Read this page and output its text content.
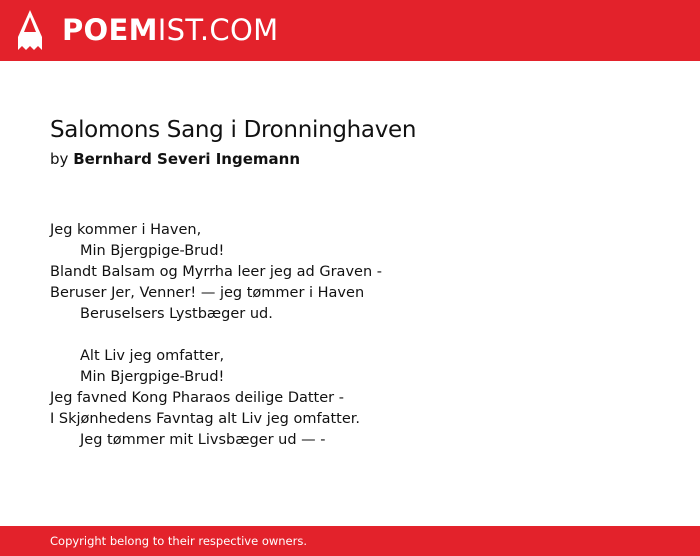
POEMIST.COM
Salomons Sang i Dronninghaven
by Bernhard Severi Ingemann
Jeg kommer i Haven,
Min Bjergpige-Brud!
Blandt Balsam og Myrrha leer jeg ad Graven -
Beruser Jer, Venner! — jeg tømmer i Haven
Beruselsers Lystbæger ud.
Alt Liv jeg omfatter,
Min Bjergpige-Brud!
Jeg favned Kong Pharaos deilige Datter -
I Skjønhedens Favntag alt Liv jeg omfatter.
Jeg tømmer mit Livsbæger ud — -
Copyright belong to their respective owners.
